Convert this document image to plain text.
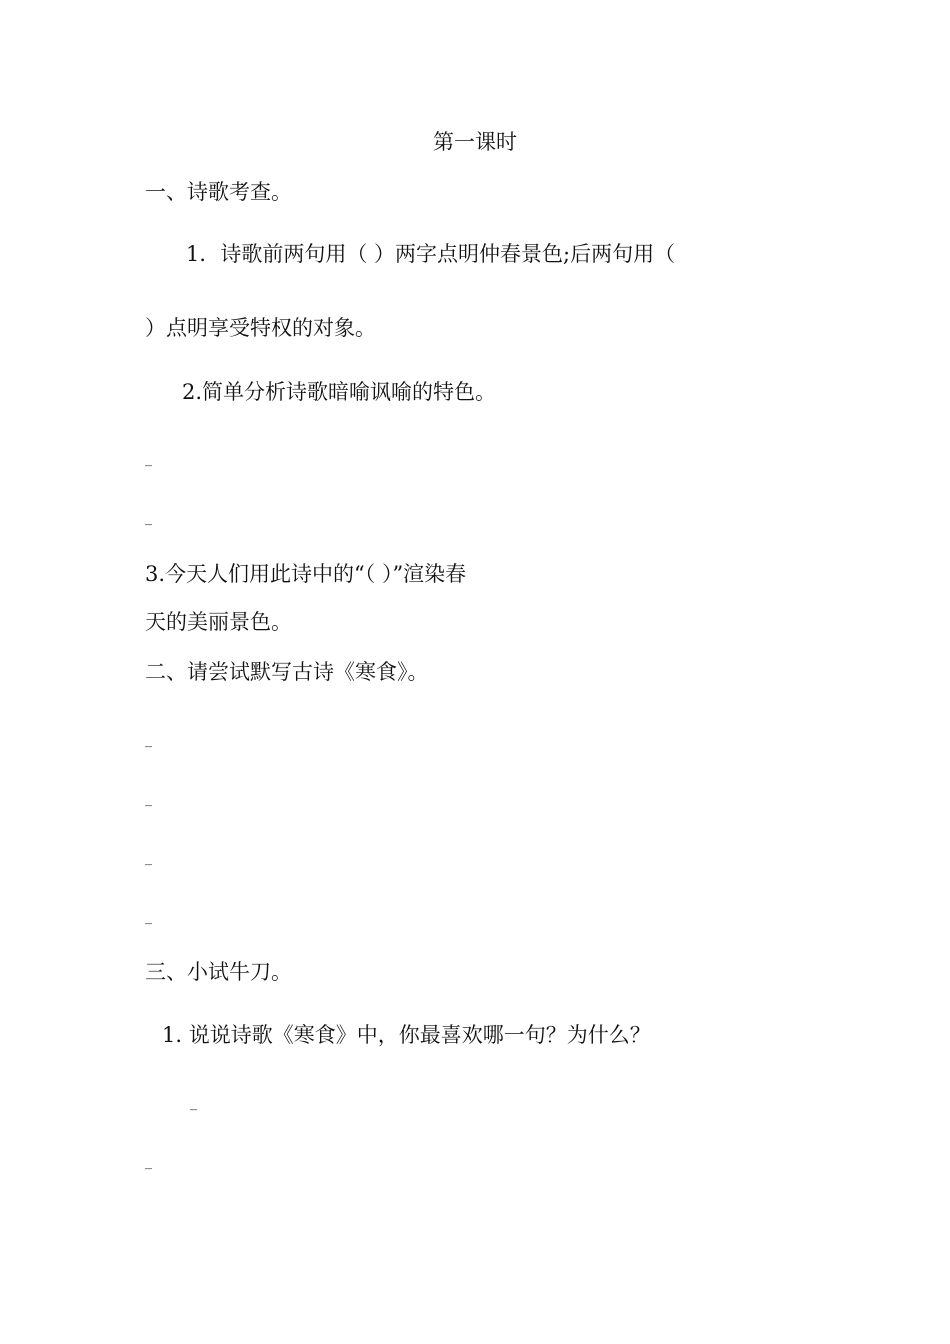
第一课时
一、诗歌考查。
1．诗歌前两句用（ ）两字点明仲春景色;后两句用（
）点明享受特权的对象。
2.简单分析诗歌暗喻讽喻的特色。
_
_
3.今天人们用此诗中的“（ ）”渲染春
天的美丽景色。
二、请尝试默写古诗《寒食》。
_
_
_
_
三、小试牛刀。
1. 说说诗歌《寒食》中，你最喜欢哪一句？为什么？
_
_
